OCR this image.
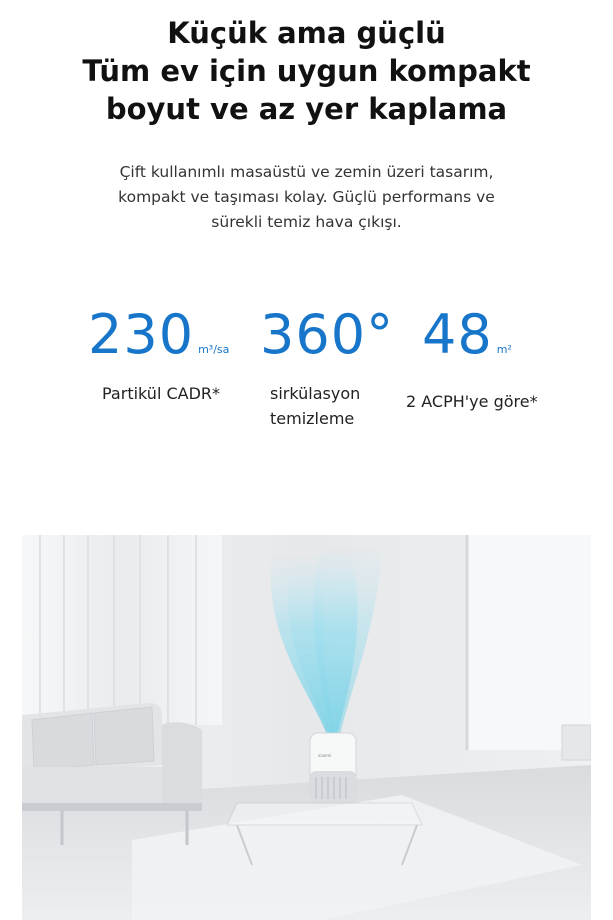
Küçük ama güçlü
Tüm ev için uygun kompakt
boyut ve az yer kaplama
Çift kullanımlı masaüstü ve zemin üzeri tasarım,
kompakt ve taşıması kolay. Güçlü performans ve
sürekli temiz hava çıkışı.
230 m³/sa 360° 48 m²
Partikül CADR*	sirkülasyon
temizleme
2 ACPH'ye göre*
xiaomi
